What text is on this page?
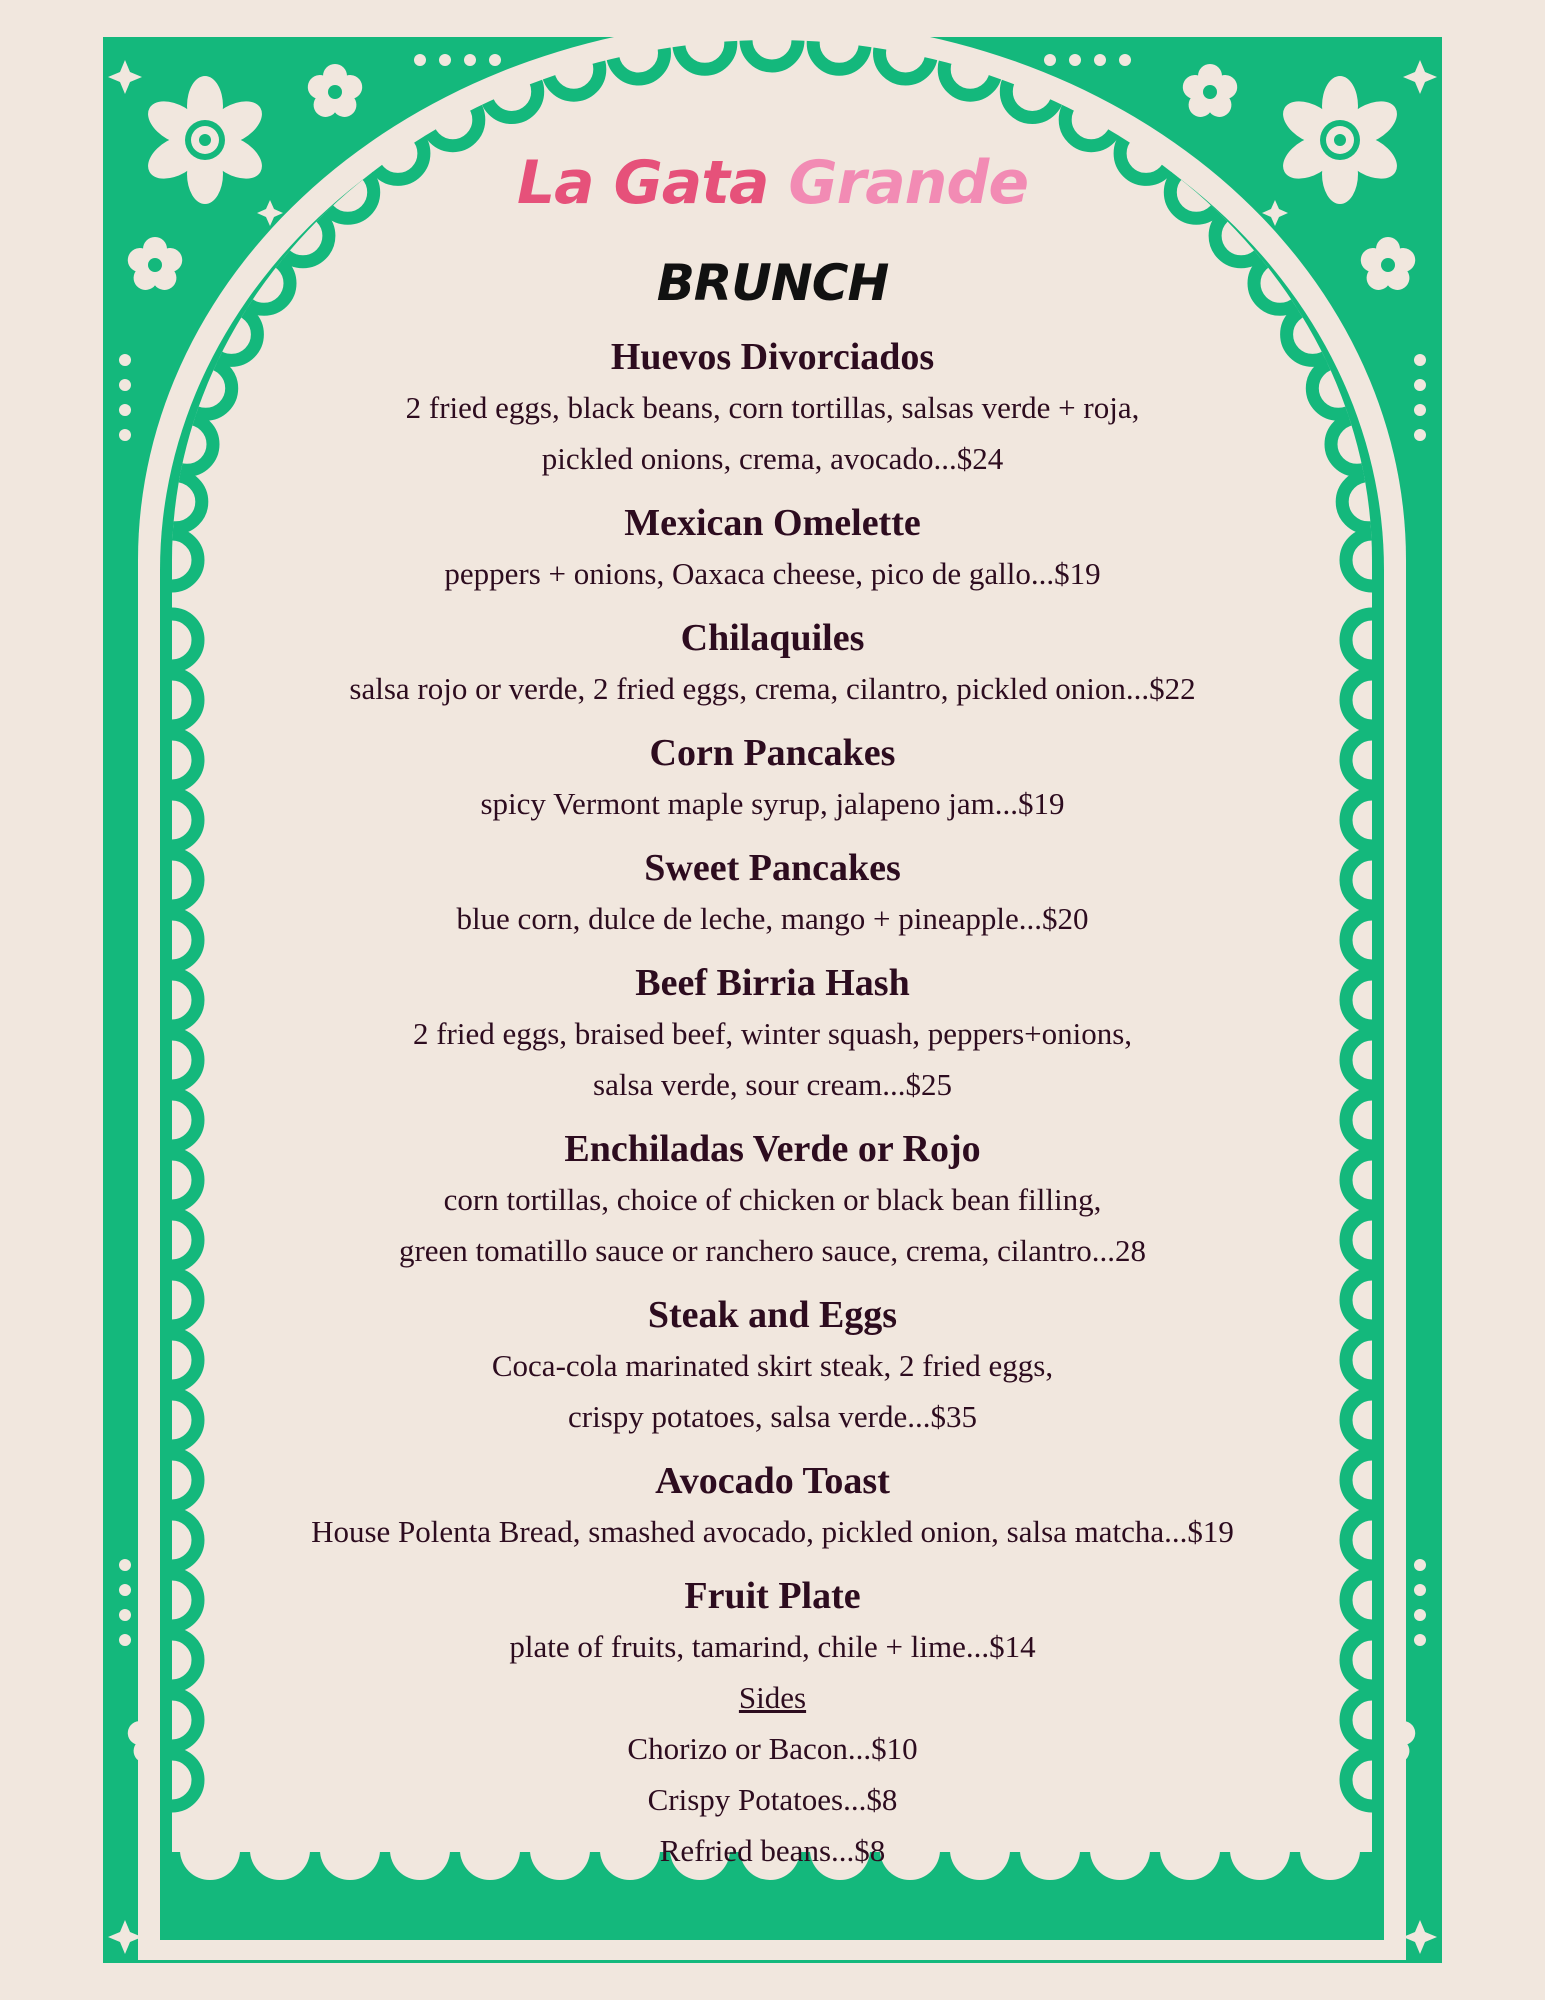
La Gata Grande
BRUNCH
Huevos Divorciados
2 fried eggs, black beans, corn tortillas, salsas verde + roja,
pickled onions, crema, avocado...$24
Mexican Omelette
peppers + onions, Oaxaca cheese, pico de gallo...$19
Chilaquiles
salsa rojo or verde, 2 fried eggs, crema, cilantro, pickled onion...$22
Corn Pancakes
spicy Vermont maple syrup, jalapeno jam...$19
Sweet Pancakes
blue corn, dulce de leche, mango + pineapple...$20
Beef Birria Hash
2 fried eggs, braised beef, winter squash, peppers+onions,
salsa verde, sour cream...$25
Enchiladas Verde or Rojo
corn tortillas, choice of chicken or black bean filling,
green tomatillo sauce or ranchero sauce, crema, cilantro...28
Steak and Eggs
Coca-cola marinated skirt steak, 2 fried eggs,
crispy potatoes, salsa verde...$35
Avocado Toast
House Polenta Bread, smashed avocado, pickled onion, salsa matcha...$19
Fruit Plate
plate of fruits, tamarind, chile + lime...$14
Sides
Chorizo or Bacon...$10
Crispy Potatoes...$8
Refried beans...$8
